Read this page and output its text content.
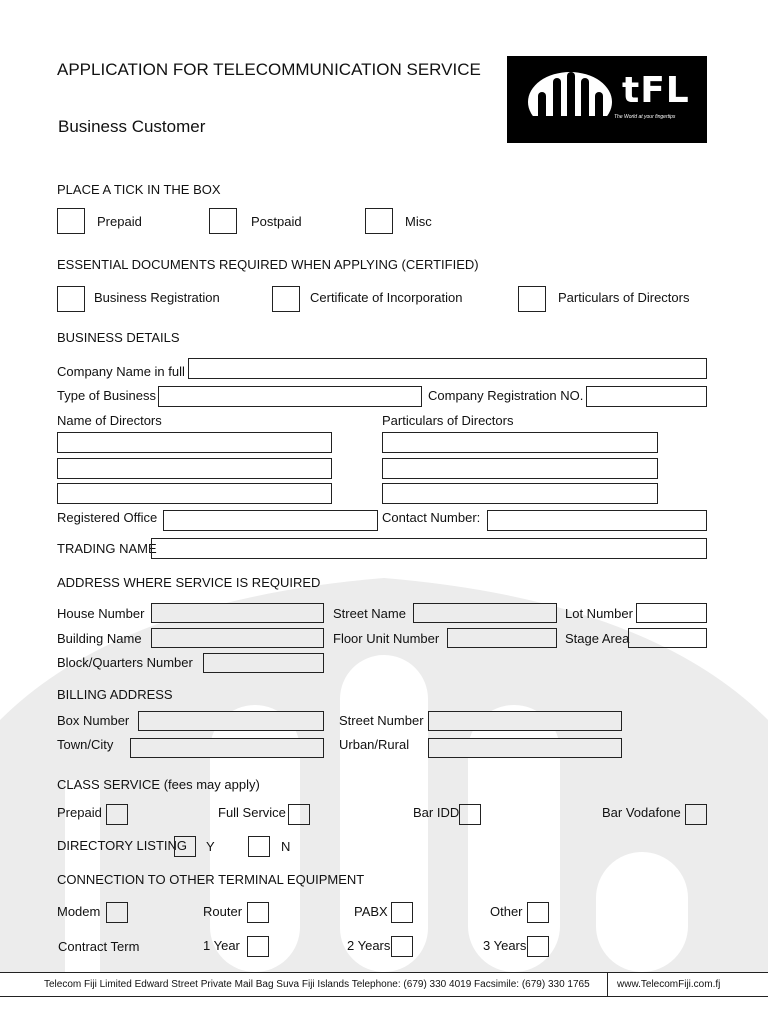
APPLICATION FOR TELECOMMUNICATION SERVICE
Business Customer
tFL
The World at your fingertips
PLACE A TICK IN THE BOX
Prepaid	Postpaid	Misc
ESSENTIAL DOCUMENTS REQUIRED WHEN APPLYING (CERTIFIED)
Business Registration	Certificate of Incorporation	Particulars of Directors
BUSINESS DETAILS
Company Name in full
Type of Business	Company Registration NO.
Name of Directors	Particulars of Directors
Registered Office	Contact Number:
TRADING NAME
ADDRESS WHERE SERVICE IS REQUIRED
House Number	Street Name	Lot Number
Building Name	Floor Unit Number	Stage Area
Block/Quarters Number
BILLING ADDRESS
Box Number	Street Number
Town/City	Urban/Rural
CLASS SERVICE (fees may apply)
Prepaid	Full Service	Bar IDD	Bar Vodafone
DIRECTORY LISTING Y	N
CONNECTION TO OTHER TERMINAL EQUIPMENT
Modem	Router	PABX	Other
Contract Term	1 Year	2 Years	3 Years
Telecom Fiji Limited Edward Street Private Mail Bag Suva Fiji Islands Telephone: (679) 330 4019 Facsimile: (679) 330 1765	www.TelecomFiji.com.fj
